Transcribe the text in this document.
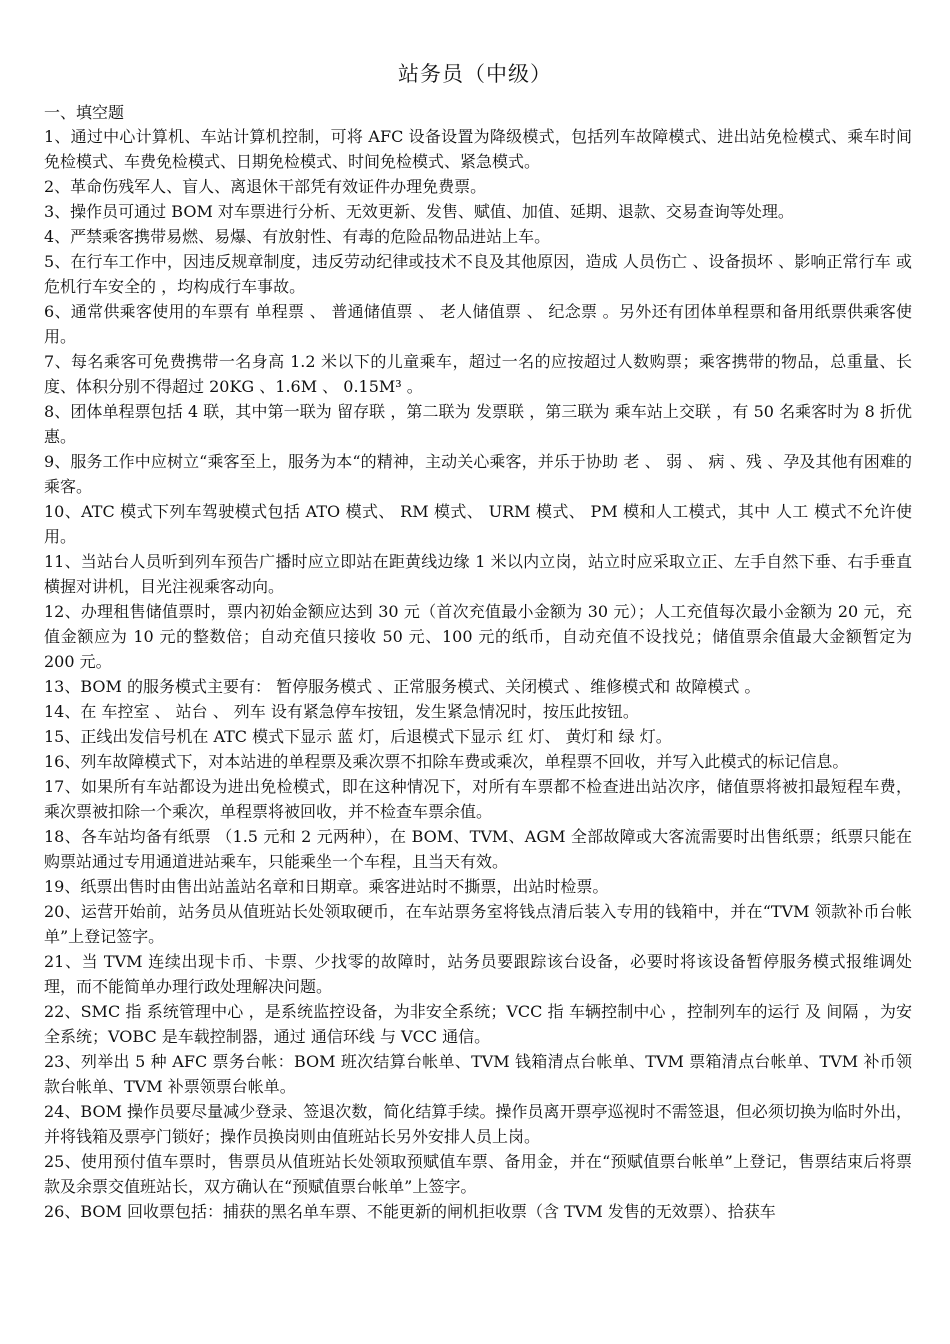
站务员（中级）
一、填空题

1、通过中心计算机、车站计算机控制，可将 AFC 设备设置为降级模式，包括列车故障模式、进出站免检模式、乘车时间免检模式、车费免检模式、日期免检模式、时间免检模式、紧急模式。

2、革命伤残军人、盲人、离退休干部凭有效证件办理免费票。

3、操作员可通过 BOM 对车票进行分析、无效更新、发售、赋值、加值、延期、退款、交易查询等处理。

4、严禁乘客携带易燃、易爆、有放射性、有毒的危险品物品进站上车。

5、在行车工作中，因违反规章制度，违反劳动纪律或技术不良及其他原因，造成 人员伤亡 、设备损坏 、影响正常行车 或 危机行车安全的 ，均构成行车事故。

6、通常供乘客使用的车票有 单程票 、 普通储值票 、 老人储值票 、 纪念票 。另外还有团体单程票和备用纸票供乘客使用。

7、每名乘客可免费携带一名身高 1.2 米以下的儿童乘车，超过一名的应按超过人数购票；乘客携带的物品，总重量、长度、体积分别不得超过 20KG 、1.6M 、 0.15M³ 。

8、团体单程票包括 4 联，其中第一联为 留存联 ，第二联为 发票联 ，第三联为 乘车站上交联 ，有 50 名乘客时为 8 折优惠。

9、服务工作中应树立“乘客至上，服务为本“的精神，主动关心乘客，并乐于协助 老 、 弱 、 病 、残 、孕及其他有困难的乘客。

10、ATC 模式下列车驾驶模式包括 ATO 模式、 RM 模式、 URM 模式、 PM 模和人工模式，其中 人工 模式不允许使用。

11、当站台人员听到列车预告广播时应立即站在距黄线边缘 1 米以内立岗，站立时应采取立正、左手自然下垂、右手垂直横握对讲机，目光注视乘客动向。

12、办理租售储值票时，票内初始金额应达到 30 元（首次充值最小金额为 30 元）；人工充值每次最小金额为 20 元，充值金额应为 10 元的整数倍；自动充值只接收 50 元、100 元的纸币，自动充值不设找兑；储值票余值最大金额暂定为 200 元。

13、BOM 的服务模式主要有： 暂停服务模式 、正常服务模式、关闭模式 、维修模式和 故障模式 。

14、在 车控室 、 站台 、 列车 设有紧急停车按钮，发生紧急情况时，按压此按钮。

15、正线出发信号机在 ATC 模式下显示 蓝 灯，后退模式下显示 红 灯、 黄灯和 绿 灯。

16、列车故障模式下，对本站进的单程票及乘次票不扣除车费或乘次，单程票不回收，并写入此模式的标记信息。

17、如果所有车站都设为进出免检模式，即在这种情况下，对所有车票都不检查进出站次序，储值票将被扣最短程车费，乘次票被扣除一个乘次，单程票将被回收，并不检查车票余值。

18、各车站均备有纸票 （1.5 元和 2 元两种），在 BOM、TVM、AGM 全部故障或大客流需要时出售纸票；纸票只能在购票站通过专用通道进站乘车，只能乘坐一个车程，且当天有效。

19、纸票出售时由售出站盖站名章和日期章。乘客进站时不撕票，出站时检票。

20、运营开始前，站务员从值班站长处领取硬币，在车站票务室将钱点清后装入专用的钱箱中，并在“TVM 领款补币台帐单”上登记签字。

21、当 TVM 连续出现卡币、卡票、少找零的故障时，站务员要跟踪该台设备，必要时将该设备暂停服务模式报维调处理，而不能简单办理行政处理解决问题。

22、SMC 指 系统管理中心 ，是系统监控设备，为非安全系统；VCC 指 车辆控制中心 ，控制列车的运行 及 间隔 ，为安全系统；VOBC 是车载控制器，通过 通信环线 与 VCC 通信。

23、列举出 5 种 AFC 票务台帐：BOM 班次结算台帐单、TVM 钱箱清点台帐单、TVM 票箱清点台帐单、TVM 补币领款台帐单、TVM 补票领票台帐单。

24、BOM 操作员要尽量减少登录、签退次数，简化结算手续。操作员离开票亭巡视时不需签退，但必须切换为临时外出，并将钱箱及票亭门锁好；操作员换岗则由值班站长另外安排人员上岗。

25、使用预付值车票时，售票员从值班站长处领取预赋值车票、备用金，并在“预赋值票台帐单”上登记，售票结束后将票款及余票交值班站长，双方确认在“预赋值票台帐单”上签字。

26、BOM 回收票包括：捕获的黑名单车票、不能更新的闸机拒收票（含 TVM 发售的无效票）、拾获车
